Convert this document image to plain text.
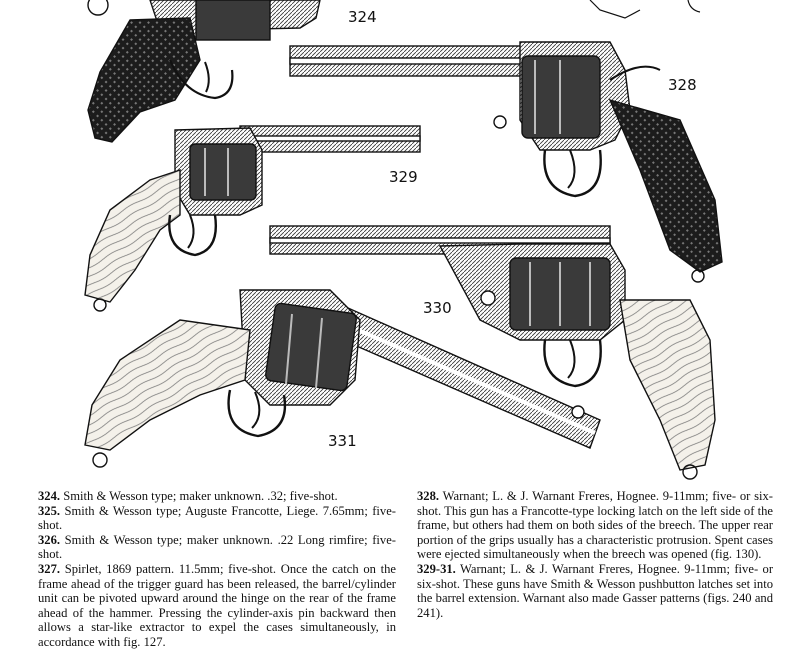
324
328
329
330
331

324. Smith & Wesson type; maker unknown. .32; five-shot.

325. Smith & Wesson type; Auguste Francotte, Liege. 7.65mm; five-shot.

326. Smith & Wesson type; maker unknown. .22 Long rimfire; five-shot.

327. Spirlet, 1869 pattern. 11.5mm; five-shot. Once the catch on the frame ahead of the trigger guard has been released, the barrel/cylinder unit can be pivoted upward around the hinge on the rear of the frame ahead of the hammer. Pressing the cylinder-axis pin backward then allows a star-like extractor to expel the cases simultaneously, in accordance with fig. 127.

328. Warnant; L. & J. Warnant Freres, Hognee. 9-11mm; five- or six-shot. This gun has a Francotte-type locking latch on the left side of the frame, but others had them on both sides of the breech. The upper rear portion of the grips usually has a characteristic protrusion. Spent cases were ejected simultaneously when the breech was opened (fig. 130).

329-31. Warnant; L. & J. Warnant Freres, Hognee. 9-11mm; five- or six-shot. These guns have Smith & Wesson pushbutton latches set into the barrel extension. Warnant also made Gasser patterns (figs. 240 and 241).
